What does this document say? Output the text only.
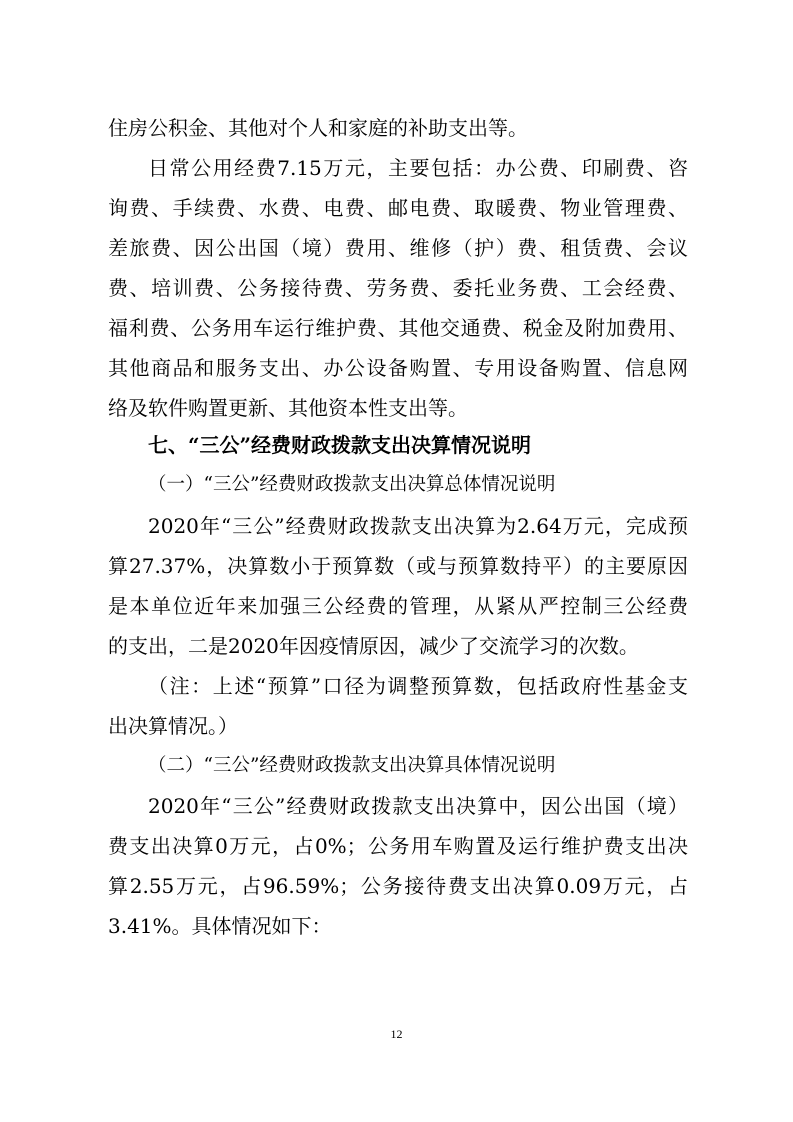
住房公积金、其他对个人和家庭的补助支出等。
日常公用经费7.15万元，主要包括：办公费、印刷费、咨
询费、手续费、水费、电费、邮电费、取暖费、物业管理费、
差旅费、因公出国（境）费用、维修（护）费、租赁费、会议
费、培训费、公务接待费、劳务费、委托业务费、工会经费、
福利费、公务用车运行维护费、其他交通费、税金及附加费用、
其他商品和服务支出、办公设备购置、专用设备购置、信息网
络及软件购置更新、其他资本性支出等。
七、“三公”经费财政拨款支出决算情况说明
（一）“三公”经费财政拨款支出决算总体情况说明
2020年“三公”经费财政拨款支出决算为2.64万元，完成预
算27.37%，决算数小于预算数（或与预算数持平）的主要原因
是本单位近年来加强三公经费的管理，从紧从严控制三公经费
的支出，二是2020年因疫情原因，减少了交流学习的次数。
（注：上述“预算”口径为调整预算数，包括政府性基金支
出决算情况。）
（二）“三公”经费财政拨款支出决算具体情况说明
2020年“三公”经费财政拨款支出决算中，因公出国（境）
费支出决算0万元，占0%；公务用车购置及运行维护费支出决
算2.55万元，占96.59%；公务接待费支出决算0.09万元，占
3.41%。具体情况如下：
12
